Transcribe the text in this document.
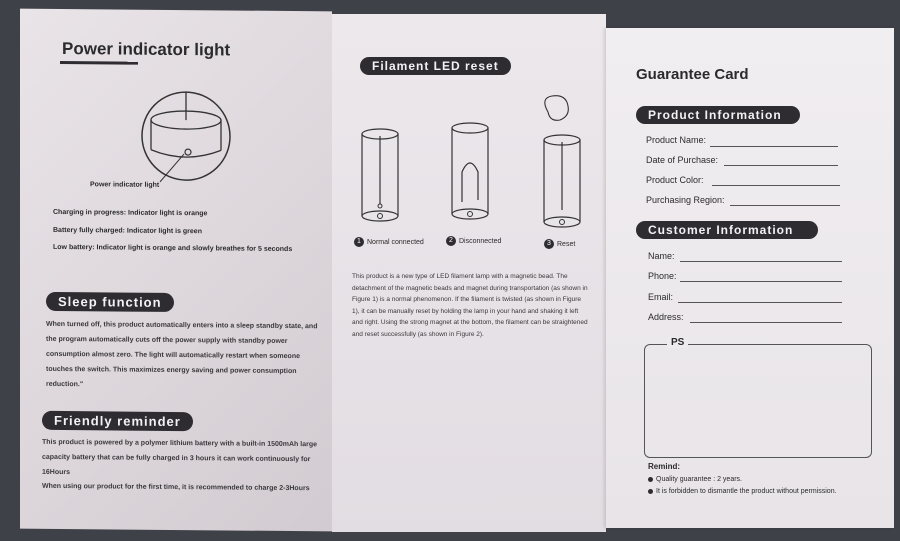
Power indicator light
Power indicator light
Charging in progress: Indicator light is orange
Battery fully charged: Indicator light is green
Low battery: Indicator light is orange and slowly breathes for 5 seconds
Sleep function
When turned off, this product automatically enters into a sleep standby state, and the program automatically cuts off the power supply with standby power consumption almost zero. The light will automatically restart when someone touches the switch. This maximizes energy saving and power consumption reduction."
Friendly reminder
This product is powered by a polymer lithium battery with a built-in 1500mAh large capacity battery that can be fully charged in 3 hours it can work continuously for 16Hours
When using our product for the first time, it is recommended to charge 2-3Hours
Filament LED reset
1 Normal connected	2 Disconnected	3 Reset
This product is a new type of LED filament lamp with a magnetic bead. The detachment of the magnetic beads and magnet during transportation (as shown in Figure 1) is a normal phenomenon. If the filament is twisted (as shown in Figure 1), it can be manually reset by holding the lamp in your hand and shaking it left and right. Using the strong magnet at the bottom, the filament can be straightened and reset successfully (as shown in Figure 2).
Guarantee Card
Product Information
Product Name:
Date of Purchase:
Product Color:
Purchasing Region:
Customer Information
Name:
Phone:
Email:
Address:
PS
Remind:
Quality guarantee : 2 years.
It is forbidden to dismantle the product without permission.
